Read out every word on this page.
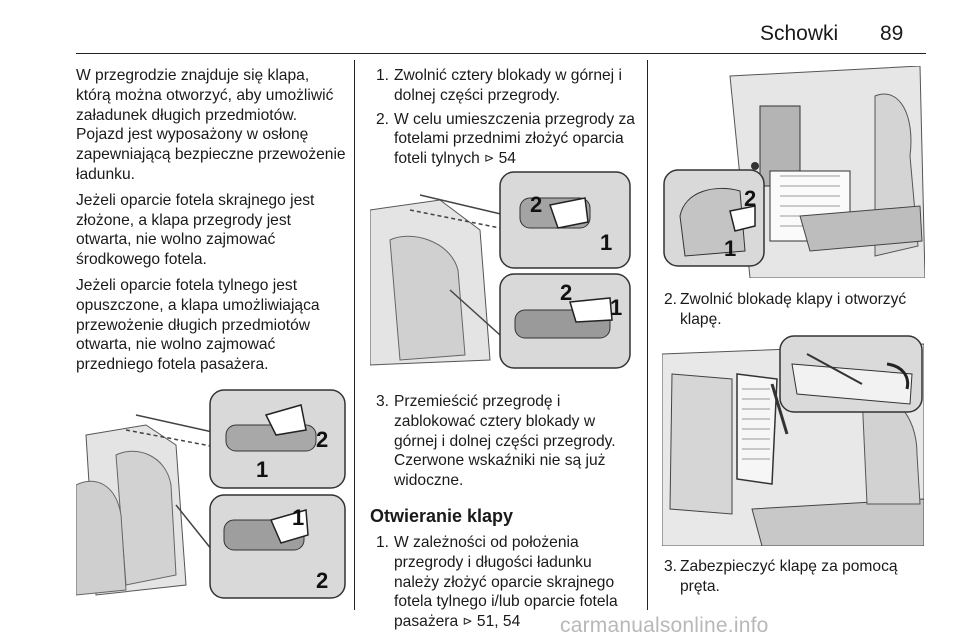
Schowki 89

W przegrodzie znajduje się klapa, którą można otworzyć, aby umożliwić załadunek długich przedmiotów. Pojazd jest wyposażony w osłonę zapewniającą bezpieczne przewożenie ładunku.

Jeżeli oparcie fotela skrajnego jest złożone, a klapa przegrody jest otwarta, nie wolno zajmować środkowego fotela.

Jeżeli oparcie fotela tylnego jest opuszczone, a klapa umożliwiająca przewożenie długich przedmiotów otwarta, nie wolno zajmować przedniego fotela pasażera.

2
1
1
2
1. Zwolnić cztery blokady w górnej i dolnej części przegrody.
2. W celu umieszczenia przegrody za fotelami przednimi złożyć oparcia foteli tylnych ⊳ 54
2
1
2
1
3. Przemieścić przegrodę i zablokować cztery blokady w górnej i dolnej części przegrody. Czerwone wskaźniki nie są już widoczne.
Otwieranie klapy
1. W zależności od położenia przegrody i długości ładunku należy złożyć oparcie skrajnego fotela tylnego i/lub oparcie fotela pasażera ⊳ 51, 54
2
1
2. Zwolnić blokadę klapy i otworzyć klapę.
3. Zabezpieczyć klapę za pomocą pręta.
carmanualsonline.info
